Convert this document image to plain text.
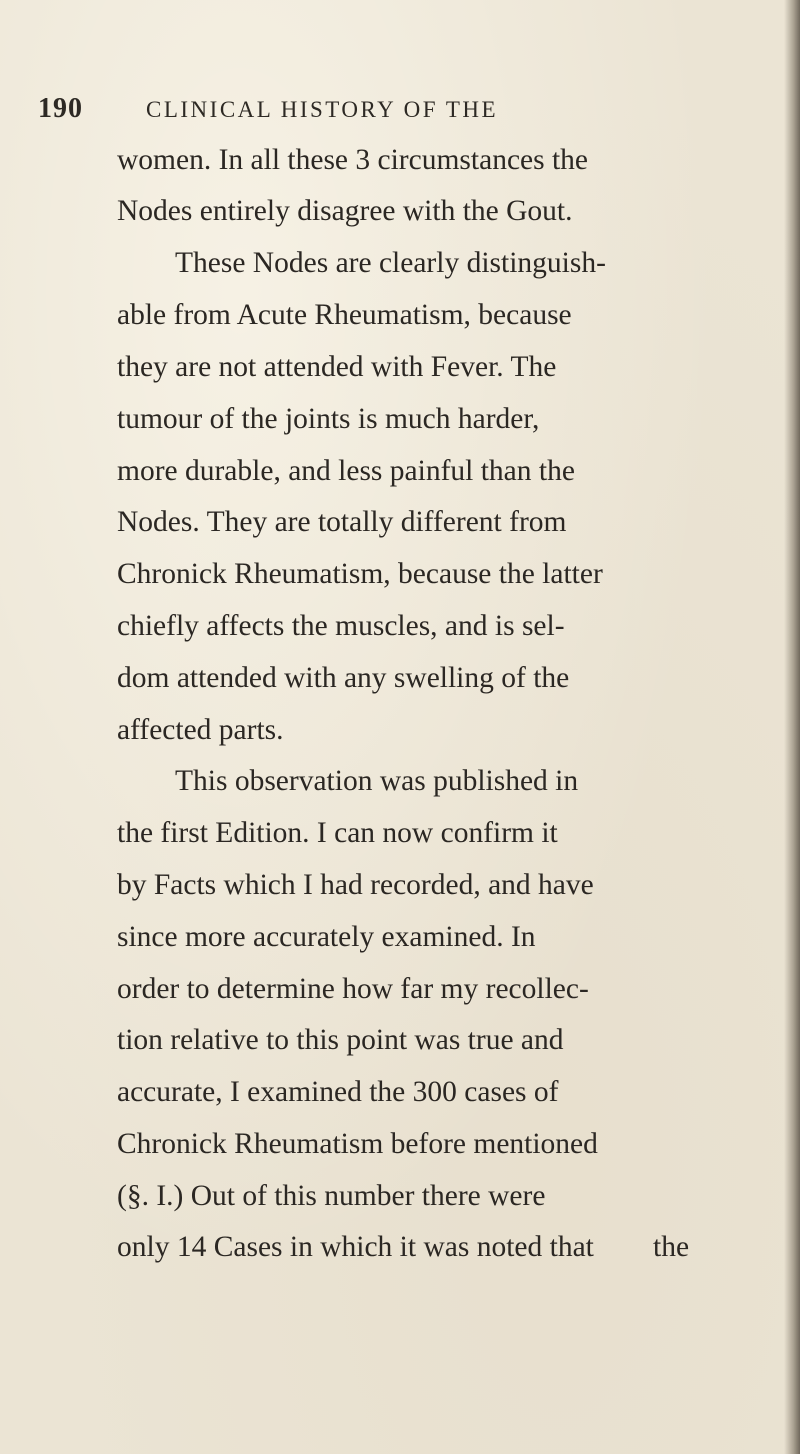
190	CLINICAL HISTORY OF THE
women. In all these 3 circumstances the
Nodes entirely disagree with the Gout.
These Nodes are clearly distinguish-
able from Acute Rheumatism, because
they are not attended with Fever. The
tumour of the joints is much harder,
more durable, and less painful than the
Nodes. They are totally different from
Chronick Rheumatism, because the latter
chiefly affects the muscles, and is sel-
dom attended with any swelling of the
affected parts.
This observation was published in
the first Edition. I can now confirm it
by Facts which I had recorded, and have
since more accurately examined. In
order to determine how far my recollec-
tion relative to this point was true and
accurate, I examined the 300 cases of
Chronick Rheumatism before mentioned
(§. I.) Out of this number there were
only 14 Cases in which it was noted that the
